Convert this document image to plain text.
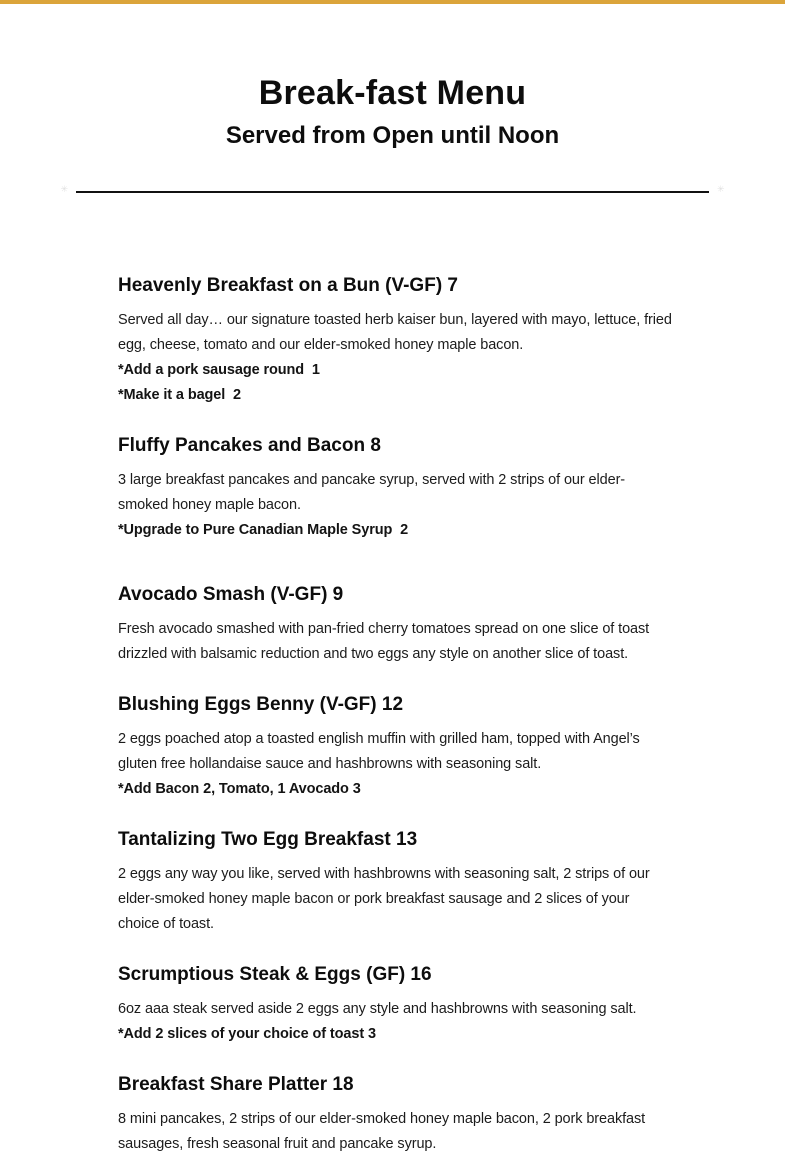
Break-fast Menu
Served from Open until Noon
✳	✳
Heavenly Breakfast on a Bun (V-GF) 7

Served all day… our signature toasted herb kaiser bun, layered with mayo, lettuce, fried egg, cheese, tomato and our elder-smoked honey maple bacon.

*Add a pork sausage round  1

*Make it a bagel  2

Fluffy Pancakes and Bacon 8

3 large breakfast pancakes and pancake syrup, served with 2 strips of our elder-smoked honey maple bacon.

*Upgrade to Pure Canadian Maple Syrup  2

Avocado Smash (V-GF) 9

Fresh avocado smashed with pan-fried cherry tomatoes spread on one slice of toast drizzled with balsamic reduction and two eggs any style on another slice of toast.

Blushing Eggs Benny (V-GF) 12

2 eggs poached atop a toasted english muffin with grilled ham, topped with Angel’s gluten free hollandaise sauce and hashbrowns with seasoning salt.

*Add Bacon 2, Tomato, 1 Avocado 3

Tantalizing Two Egg Breakfast 13

2 eggs any way you like, served with hashbrowns with seasoning salt, 2 strips of our elder-smoked honey maple bacon or pork breakfast sausage and 2 slices of your choice of toast.

Scrumptious Steak & Eggs (GF) 16

6oz aaa steak served aside 2 eggs any style and hashbrowns with seasoning salt.

*Add 2 slices of your choice of toast 3

Breakfast Share Platter 18

8 mini pancakes, 2 strips of our elder-smoked honey maple bacon, 2 pork breakfast sausages, fresh seasonal fruit and pancake syrup.
